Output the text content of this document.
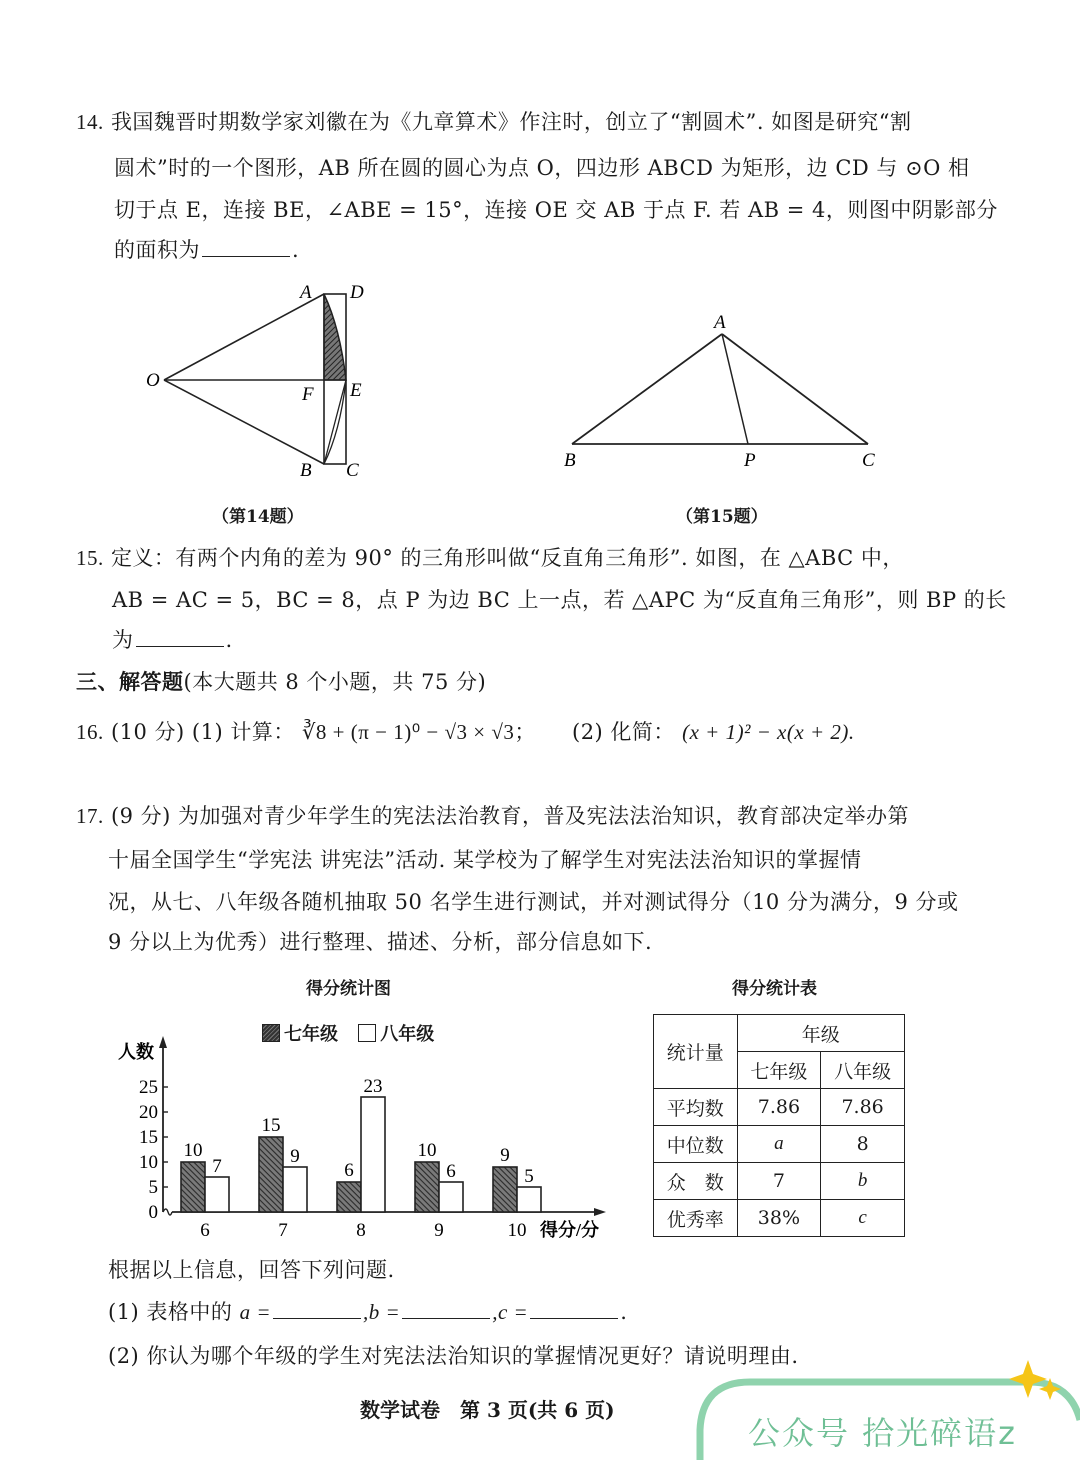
14. 我国魏晋时期数学家刘徽在为《九章算术》作注时，创立了“割圆术”. 如图是研究“割
圆术”时的一个图形，AB 所在圆的圆心为点 O，四边形 ABCD 为矩形，边 CD 与 ⊙O 相
切于点 E，连接 BE，∠ABE = 15°，连接 OE 交 AB 于点 F. 若 AB = 4，则图中阴影部分
的面积为	.
A D
O
F E
B C
（第14题）
A
B	P	C
（第15题）
15. 定义：有两个内角的差为 90° 的三角形叫做“反直角三角形”. 如图，在 △ABC 中，
AB = AC = 5，BC = 8，点 P 为边 BC 上一点，若 △APC 为“反直角三角形”，则 BP 的长
为	.
三、解答题(本大题共 8 个小题，共 75 分)
16. (10 分) (1) 计算： ∛8 + (π − 1)⁰ − √3 × √3； (2) 化简： (x + 1)² − x(x + 2).
17. (9 分) 为加强对青少年学生的宪法法治教育，普及宪法法治知识，教育部决定举办第
十届全国学生“学宪法 讲宪法”活动. 某学校为了解学生对宪法法治知识的掌握情
况，从七、八年级各随机抽取 50 名学生进行测试，并对测试得分（10 分为满分，9 分或
9 分以上为优秀）进行整理、描述、分析，部分信息如下.
得分统计图
七年级 八年级
0
5
10
15
20
25
人数
10
7
15
9
6
23
10
6
9
5
6	7	8	9	10 得分/分
得分统计表
统计量	年级	
	七年级	八年级
平均数	7.86	7.86
中位数	a	8
众　数	7	b
优秀率	38%	c
根据以上信息，回答下列问题.
(1) 表格中的 a =	,b =	,c =	.
(2) 你认为哪个年级的学生对宪法法治知识的掌握情况更好？请说明理由.
数学试卷　第 3 页(共 6 页)
公众号 拾光碎语z
